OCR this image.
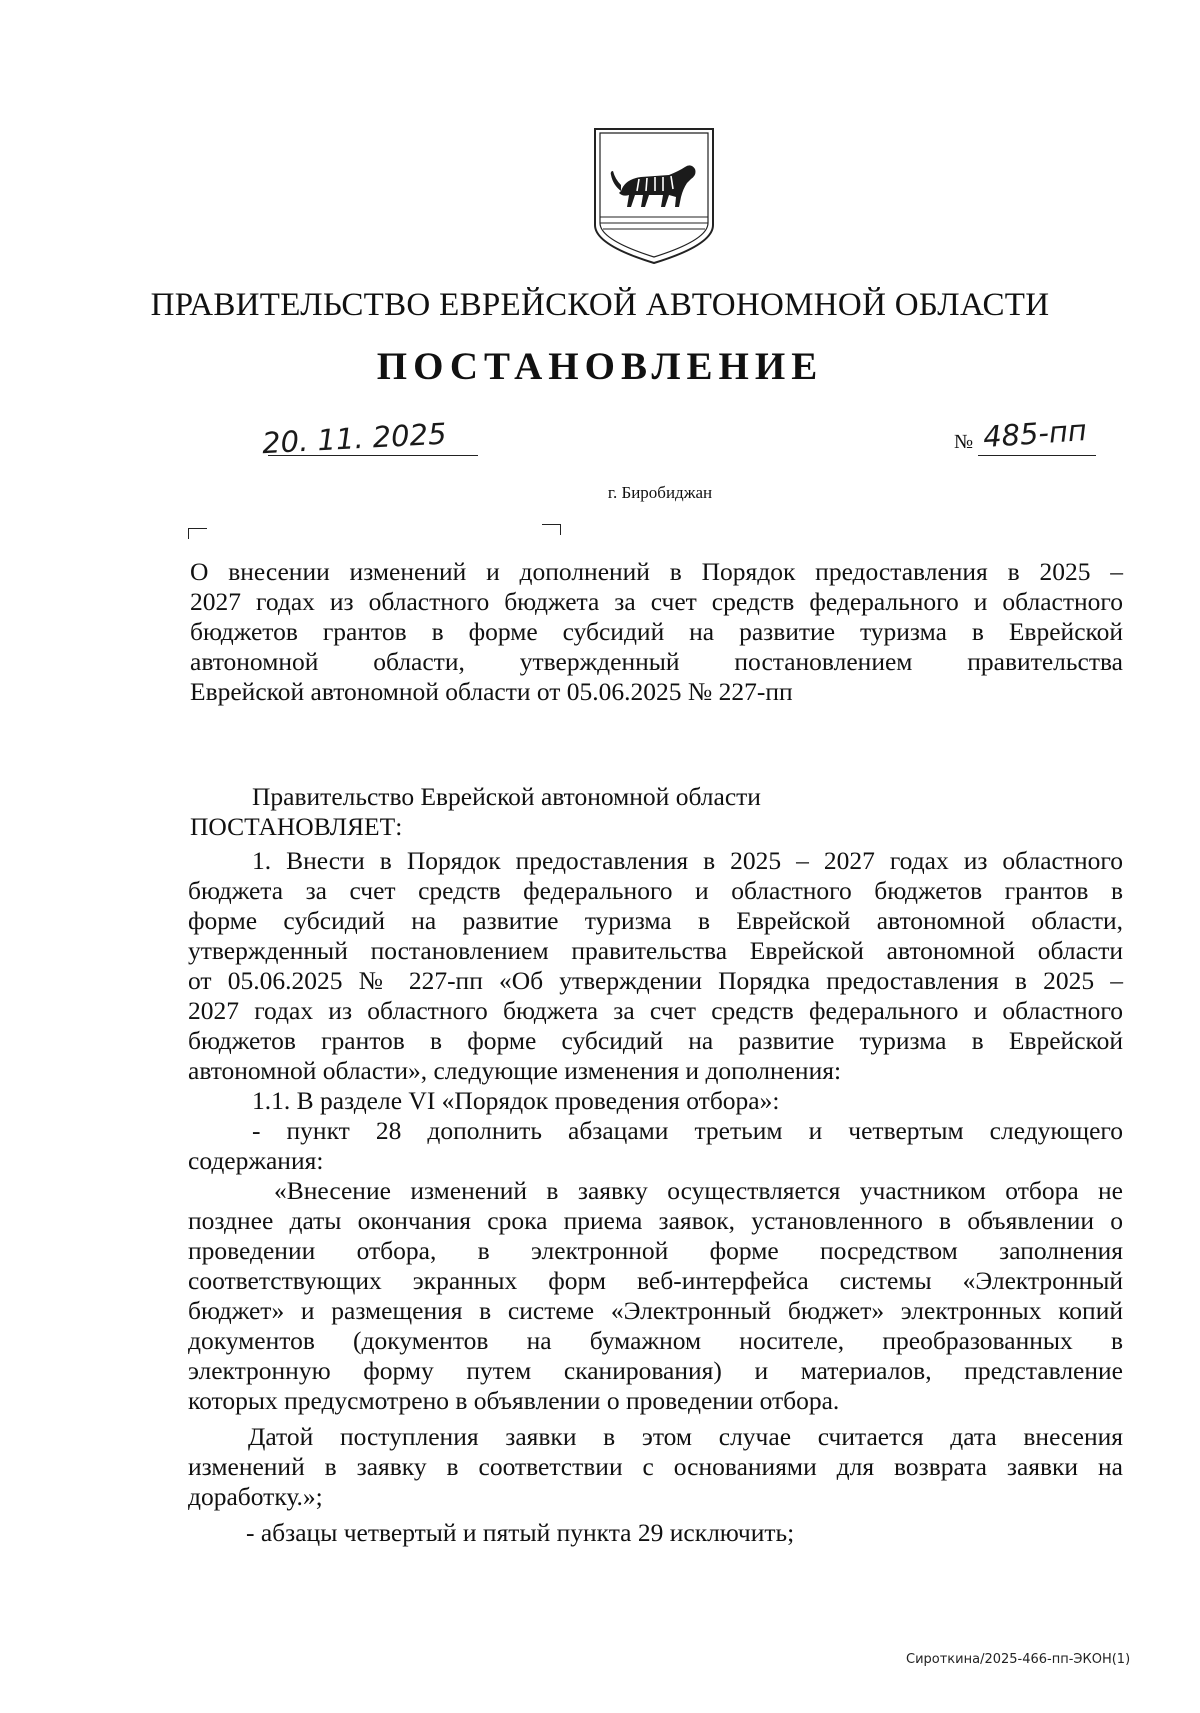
ПРАВИТЕЛЬСТВО ЕВРЕЙСКОЙ АВТОНОМНОЙ ОБЛАСТИ
ПОСТАНОВЛЕНИЕ
20. 11. 2025	№ 485-пп
г. Биробиджан
О внесении изменений и дополнений в Порядок предоставления в 2025 –
2027 годах из областного бюджета за счет средств федерального и областного
бюджетов грантов в форме субсидий на развитие туризма в Еврейской
автономной области, утвержденный постановлением правительства
Еврейской автономной области от 05.06.2025 № 227-пп
Правительство Еврейской автономной области
ПОСТАНОВЛЯЕТ:
1. Внести в Порядок предоставления в 2025 – 2027 годах из областного
бюджета за счет средств федерального и областного бюджетов грантов в
форме субсидий на развитие туризма в Еврейской автономной области,
утвержденный постановлением правительства Еврейской автономной области
от 05.06.2025 № 227-пп «Об утверждении Порядка предоставления в 2025 –
2027 годах из областного бюджета за счет средств федерального и областного
бюджетов грантов в форме субсидий на развитие туризма в Еврейской
автономной области», следующие изменения и дополнения:
1.1. В разделе VI «Порядок проведения отбора»:
- пункт 28 дополнить абзацами третьим и четвертым следующего
содержания:
«Внесение изменений в заявку осуществляется участником отбора не
позднее даты окончания срока приема заявок, установленного в объявлении о
проведении отбора, в электронной форме посредством заполнения
соответствующих экранных форм веб-интерфейса системы «Электронный
бюджет» и размещения в системе «Электронный бюджет» электронных копий
документов (документов на бумажном носителе, преобразованных в
электронную форму путем сканирования) и материалов, представление
которых предусмотрено в объявлении о проведении отбора.
Датой поступления заявки в этом случае считается дата внесения
изменений в заявку в соответствии с основаниями для возврата заявки на
доработку.»;
- абзацы четвертый и пятый пункта 29 исключить;
Сироткина/2025-466-пп-ЭКОН(1)
